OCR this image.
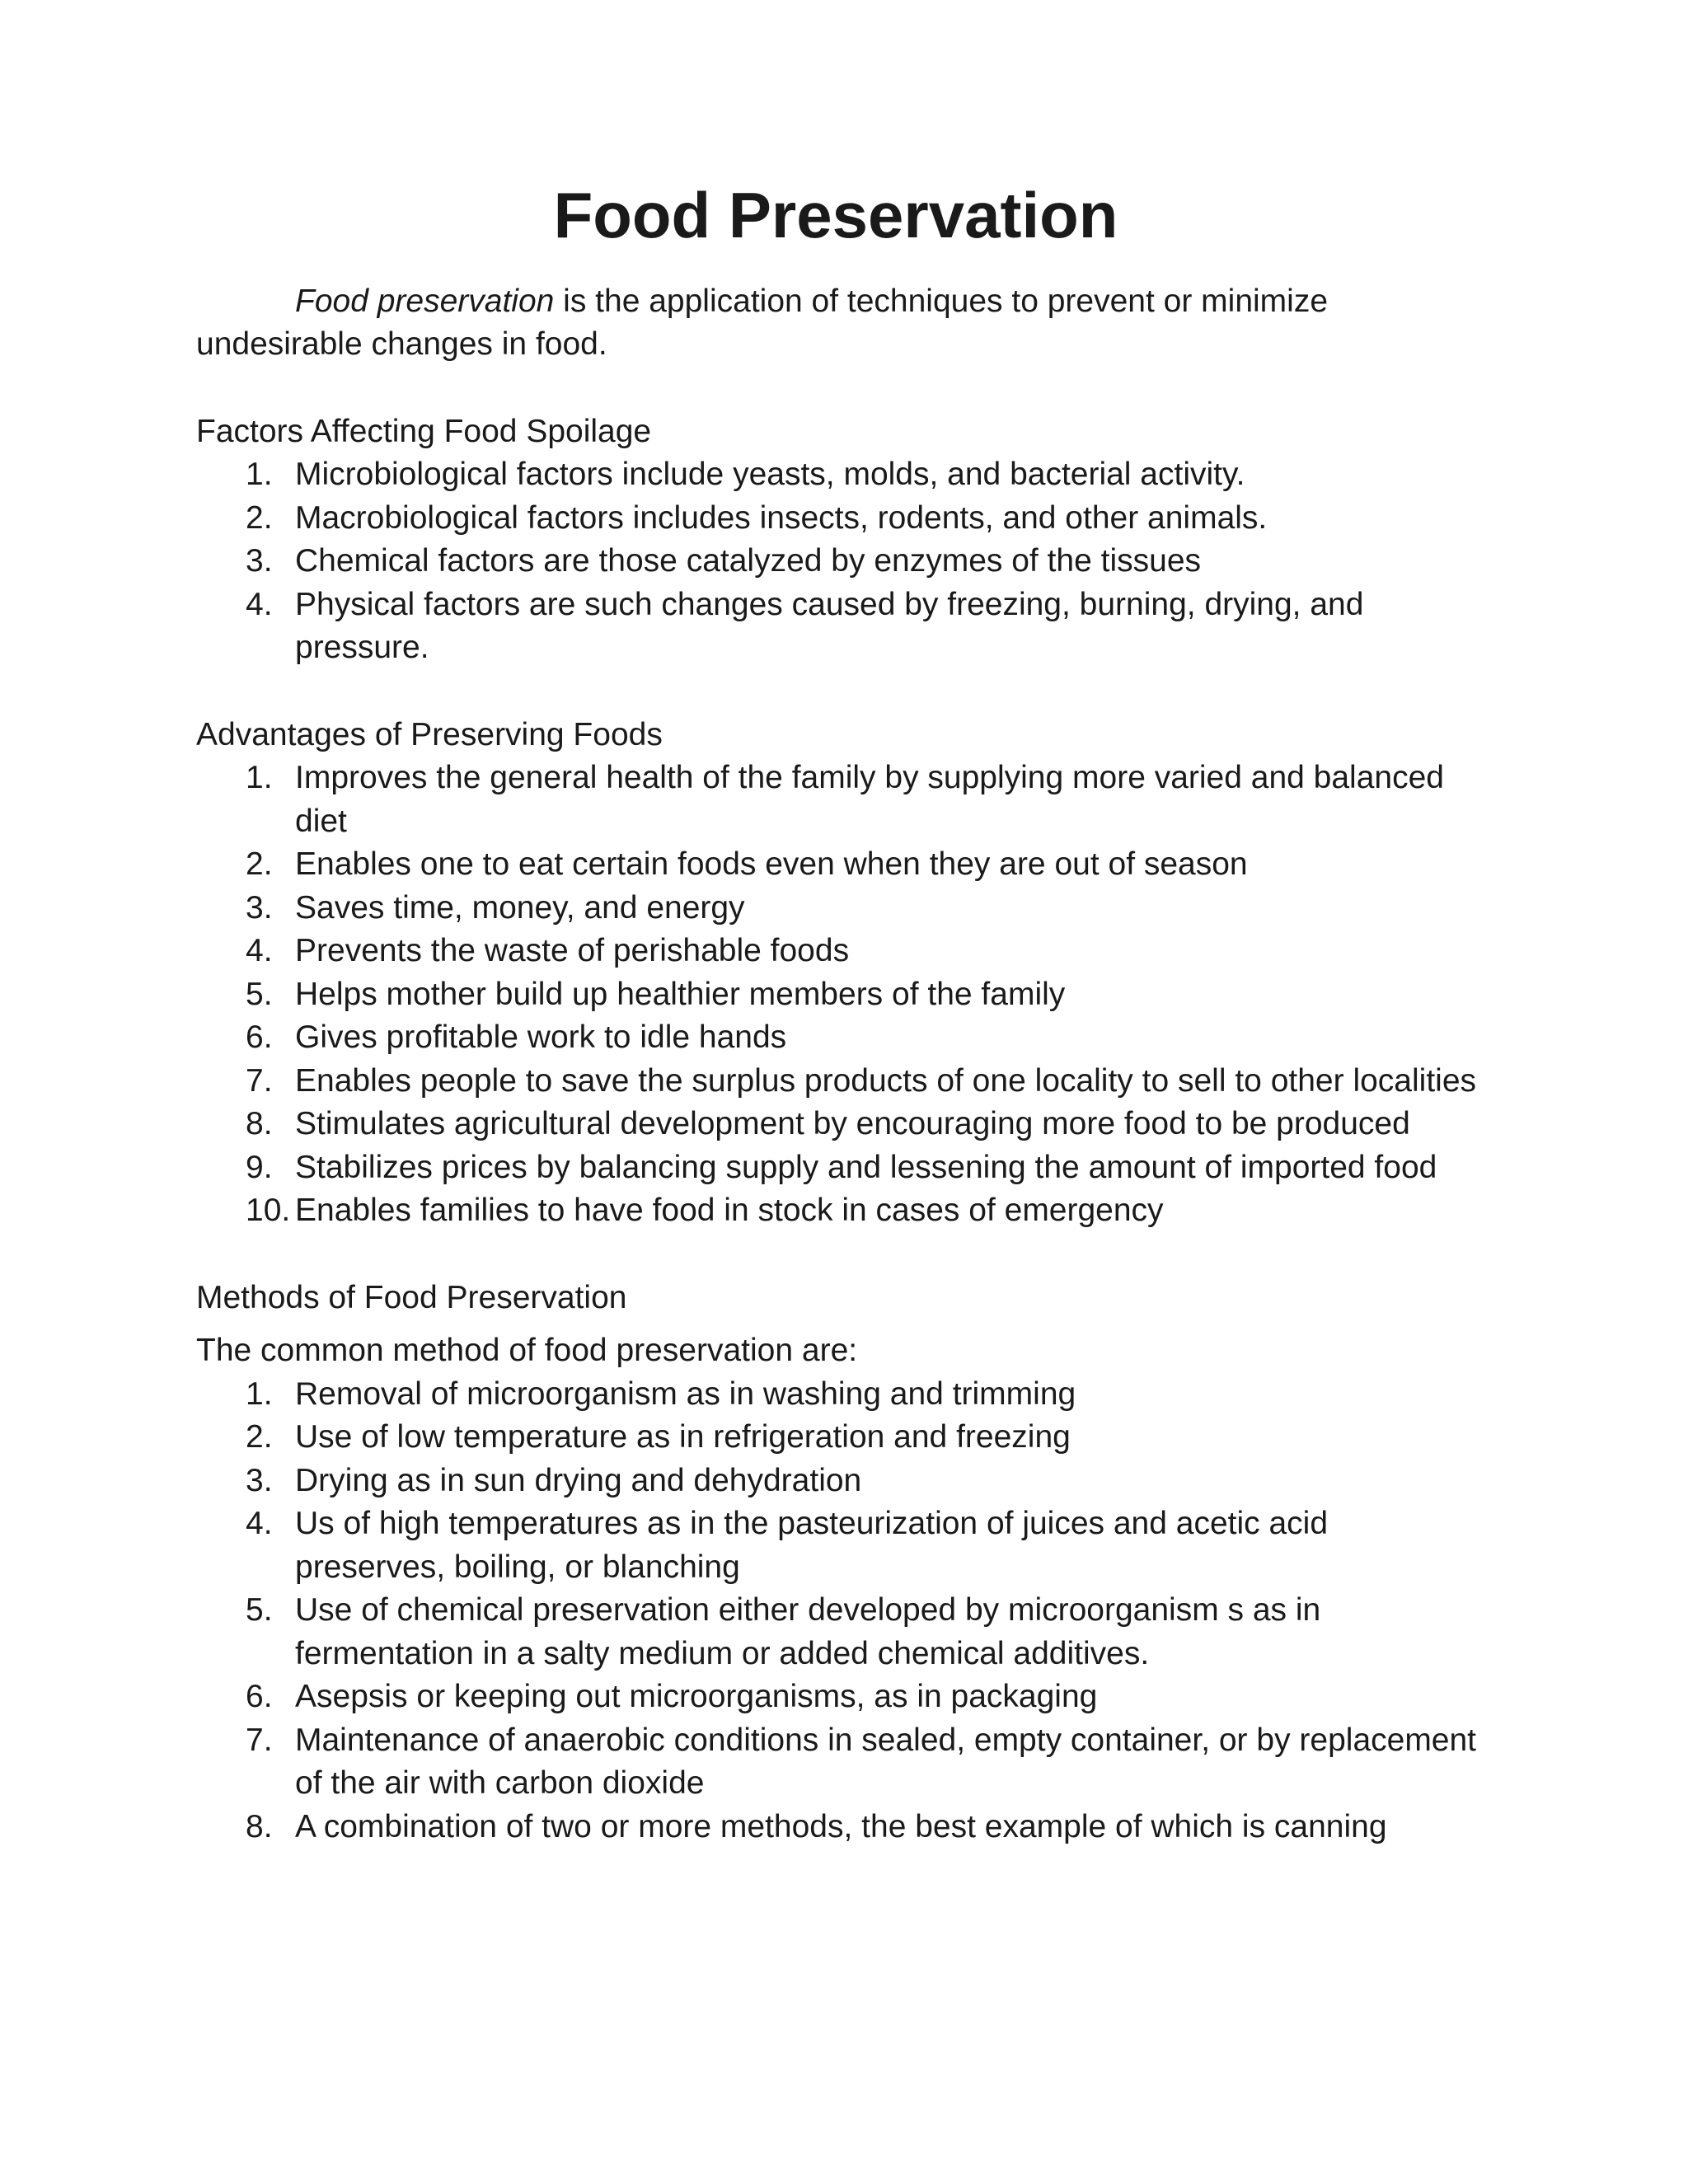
Food Preservation

Food preservation is the application of techniques to prevent or minimize undesirable changes in food.

Factors Affecting Food Spoilage

1. Microbiological factors include yeasts, molds, and bacterial activity.
2. Macrobiological factors includes insects, rodents, and other animals.
3. Chemical factors are those catalyzed by enzymes of the tissues
4. Physical factors are such changes caused by freezing, burning, drying, and pressure.

Advantages of Preserving Foods

1. Improves the general health of the family by supplying more varied and balanced diet
2. Enables one to eat certain foods even when they are out of season
3. Saves time, money, and energy
4. Prevents the waste of perishable foods
5. Helps mother build up healthier members of the family
6. Gives profitable work to idle hands
7. Enables people to save the surplus products of one locality to sell to other localities
8. Stimulates agricultural development by encouraging more food to be produced
9. Stabilizes prices by balancing supply and lessening the amount of imported food
10. Enables families to have food in stock in cases of emergency

Methods of Food Preservation

The common method of food preservation are:

1. Removal of microorganism as in washing and trimming
2. Use of low temperature as in refrigeration and freezing
3. Drying as in sun drying and dehydration
4. Us of high temperatures as in the pasteurization of juices and acetic acid preserves, boiling, or blanching
5. Use of chemical preservation either developed by microorganism s as in fermentation in a salty medium or added chemical additives.
6. Asepsis or keeping out microorganisms, as in packaging
7. Maintenance of anaerobic conditions in sealed, empty container, or by replacement of the air with carbon dioxide
8. A combination of two or more methods, the best example of which is canning
